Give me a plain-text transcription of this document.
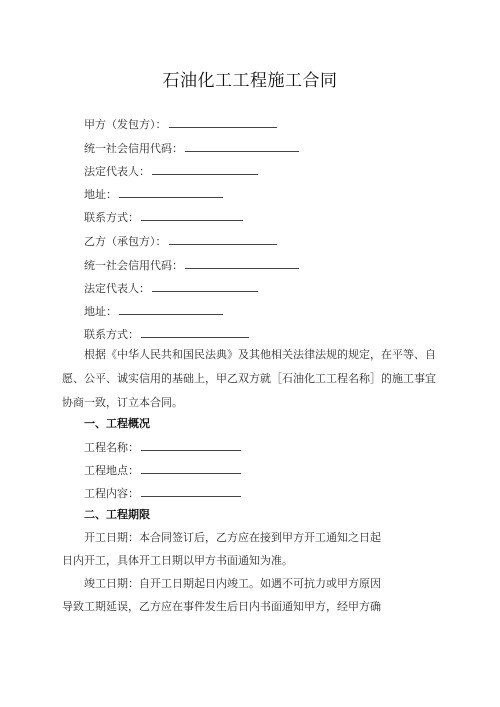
石油化工工程施工合同
甲方（发包方）：
统一社会信用代码：
法定代表人：
地址：
联系方式：
乙方（承包方）：
统一社会信用代码：
法定代表人：
地址：
联系方式：
根据《中华人民共和国民法典》及其他相关法律法规的规定，在平等、自愿、公平、诚实信用的基础上，甲乙双方就［石油化工工程名称］的施工事宜协商一致，订立本合同。
一、工程概况
工程名称：
工程地点：
工程内容：
二、工程期限
开工日期：本合同签订后，乙方应在接到甲方开工通知之日起
日内开工，具体开工日期以甲方书面通知为准。
竣工日期：自开工日期起日内竣工。如遇不可抗力或甲方原因
导致工期延误，乙方应在事件发生后日内书面通知甲方，经甲方确
